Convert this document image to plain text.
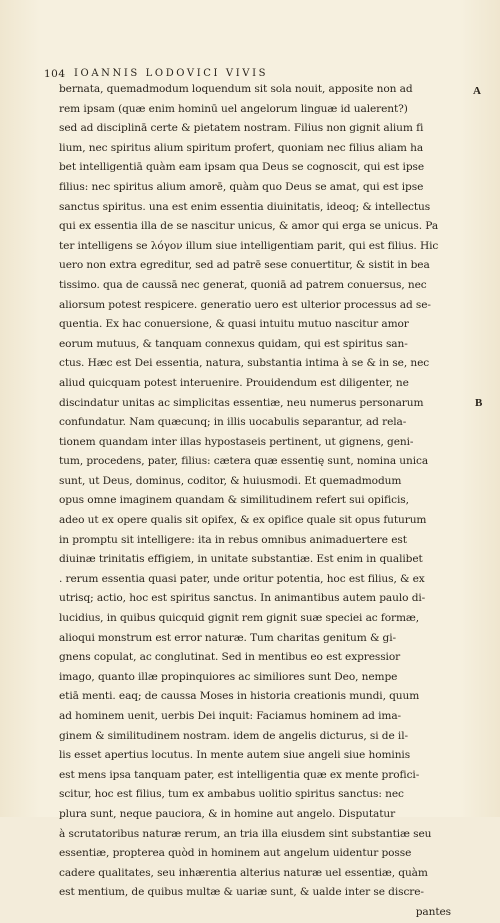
104 IOANNIS LODOVICI VIVIS
A
B
bernata, quemadmodum loquendum sit sola nouit, apposite non ad
rem ipsam (quæ enim hominū uel angelorum linguæ id ualerent?)
sed ad disciplinā certe & pietatem nostram. Filius non gignit alium fi
lium, nec spiritus alium spiritum profert, quoniam nec filius aliam ha
bet intelligentiā quàm eam ipsam qua Deus se cognoscit, qui est ipse
filius: nec spiritus alium amorē, quàm quo Deus se amat, qui est ipse
sanctus spiritus. una est enim essentia diuinitatis, ideoq; & intellectus
qui ex essentia illa de se nascitur unicus, & amor qui erga se unicus. Pa
ter intelligens se λόγον illum siue intelligentiam parit, qui est filius. Hic
uero non extra egreditur, sed ad patrē sese conuertitur, & sistit in bea
tissimo. qua de caussā nec generat, quoniā ad patrem conuersus, nec
aliorsum potest respicere. generatio uero est ulterior processus ad se-
quentia. Ex hac conuersione, & quasi intuitu mutuo nascitur amor
eorum mutuus, & tanquam connexus quidam, qui est spiritus san-
ctus. Hæc est Dei essentia, natura, substantia intima à se & in se, nec
aliud quicquam potest interuenire. Prouidendum est diligenter, ne
discindatur unitas ac simplicitas essentiæ, neu numerus personarum
confundatur. Nam quæcunq; in illis uocabulis separantur, ad rela-
tionem quandam inter illas hypostaseis pertinent, ut gignens, geni-
tum, procedens, pater, filius: cætera quæ essentię sunt, nomina unica
sunt, ut Deus, dominus, coditor, & huiusmodi. Et quemadmodum
opus omne imaginem quandam & similitudinem refert sui opificis,
adeo ut ex opere qualis sit opifex, & ex opifice quale sit opus futurum
in promptu sit intelligere: ita in rebus omnibus animaduertere est
diuinæ trinitatis effigiem, in unitate substantiæ. Est enim in qualibet
. rerum essentia quasi pater, unde oritur potentia, hoc est filius, & ex
utrisq; actio, hoc est spiritus sanctus. In animantibus autem paulo di-
lucidius, in quibus quicquid gignit rem gignit suæ speciei ac formæ,
alioqui monstrum est error naturæ. Tum charitas genitum & gi-
gnens copulat, ac conglutinat. Sed in mentibus eo est expressior
imago, quanto illæ propinquiores ac similiores sunt Deo, nempe
etiā menti. eaq; de caussa Moses in historia creationis mundi, quum
ad hominem uenit, uerbis Dei inquit: Faciamus hominem ad ima-
ginem & similitudinem nostram. idem de angelis dicturus, si de il-
lis esset apertius locutus. In mente autem siue angeli siue hominis
est mens ipsa tanquam pater, est intelligentia quæ ex mente profici-
scitur, hoc est filius, tum ex ambabus uolitio spiritus sanctus: nec
plura sunt, neque pauciora, & in homine aut angelo. Disputatur
à scrutatoribus naturæ rerum, an tria illa eiusdem sint substantiæ seu
essentiæ, propterea quòd in hominem aut angelum uidentur posse
cadere qualitates, seu inhærentia alterius naturæ uel essentiæ, quàm
est mentium, de quibus multæ & uariæ sunt, & ualde inter se discre-
pantes
